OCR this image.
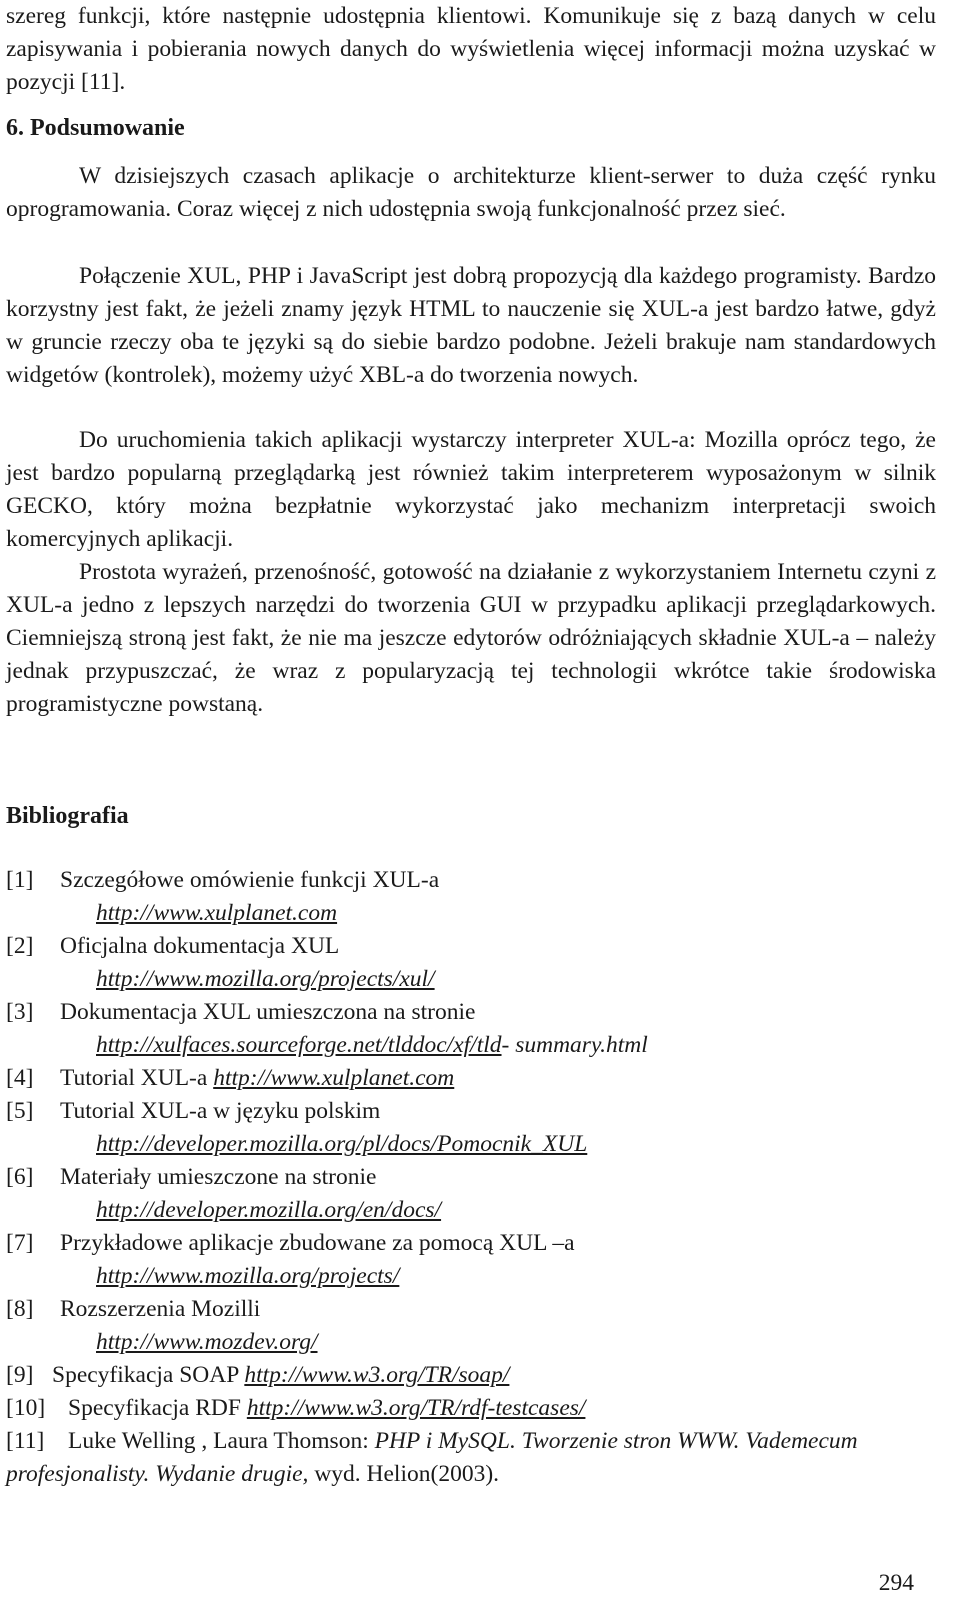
szereg funkcji, które następnie udostępnia klientowi. Komunikuje się z bazą danych w celu zapisywania i pobierania nowych danych do wyświetlenia więcej informacji można uzyskać w pozycji [11].

6. Podsumowanie

W dzisiejszych czasach aplikacje o architekturze klient-serwer to duża część rynku oprogramowania. Coraz więcej z nich udostępnia swoją funkcjonalność przez sieć.

Połączenie XUL, PHP i JavaScript jest dobrą propozycją dla każdego programisty. Bardzo korzystny jest fakt, że jeżeli znamy język HTML to nauczenie się XUL-a jest bardzo łatwe, gdyż w gruncie rzeczy oba te języki są do siebie bardzo podobne. Jeżeli brakuje nam standardowych widgetów (kontrolek), możemy użyć XBL-a do tworzenia nowych.

Do uruchomienia takich aplikacji wystarczy interpreter XUL-a: Mozilla oprócz tego, że jest bardzo popularną przeglądarką jest również takim interpreterem wyposażonym w silnik GECKO, który można bezpłatnie wykorzystać jako mechanizm interpretacji swoich komercyjnych aplikacji.

Prostota wyrażeń, przenośność, gotowość na działanie z wykorzystaniem Internetu czyni z XUL-a jedno z lepszych narzędzi do tworzenia GUI w przypadku aplikacji przeglądarkowych. Ciemniejszą stroną jest fakt, że nie ma jeszcze edytorów odróżniających składnie XUL-a – należy jednak przypuszczać, że wraz z popularyzacją tej technologii wkrótce takie środowiska programistyczne powstaną.

Bibliografia
[1] Szczegółowe omówienie funkcji XUL-a
http://www.xulplanet.com
[2] Oficjalna dokumentacja XUL
http://www.mozilla.org/projects/xul/
[3] Dokumentacja XUL umieszczona na stronie
http://xulfaces.sourceforge.net/tlddoc/xf/tld- summary.html
[4] Tutorial XUL-a http://www.xulplanet.com
[5] Tutorial XUL-a w języku polskim
http://developer.mozilla.org/pl/docs/Pomocnik_XUL
[6] Materiały umieszczone na stronie
http://developer.mozilla.org/en/docs/
[7] Przykładowe aplikacje zbudowane za pomocą XUL –a
http://www.mozilla.org/projects/
[8] Rozszerzenia Mozilli
http://www.mozdev.org/
[9] Specyfikacja SOAP http://www.w3.org/TR/soap/
[10] Specyfikacja RDF http://www.w3.org/TR/rdf-testcases/
[11] Luke Welling , Laura Thomson: PHP i MySQL. Tworzenie stron WWW. Vademecum profesjonalisty. Wydanie drugie, wyd. Helion(2003).

294
